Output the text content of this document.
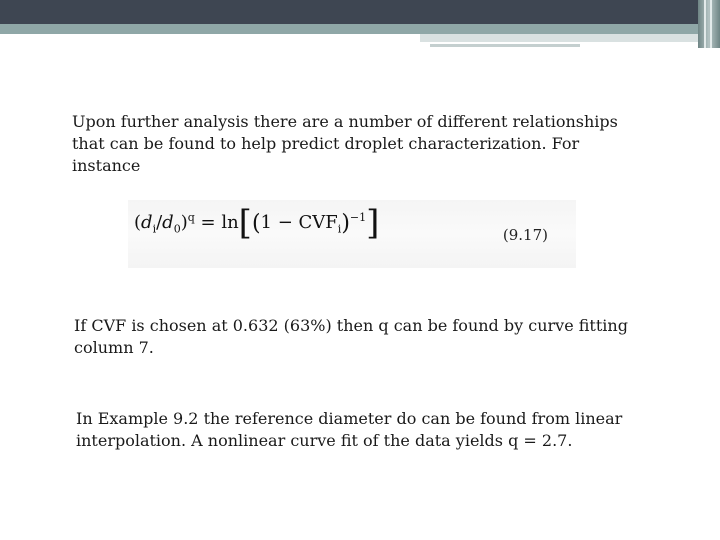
Upon further analysis there are a number of different relationships that can be found to help predict droplet characterization. For instance
$(d_i/d_0)^q = \ln[(1 - CVF_i)^{-1}]$	(9.17)
If CVF is chosen at 0.632 (63%) then q can be found by curve fitting column 7.
In Example 9.2 the reference diameter do can be found from linear interpolation. A nonlinear curve fit of the data yields q = 2.7.
